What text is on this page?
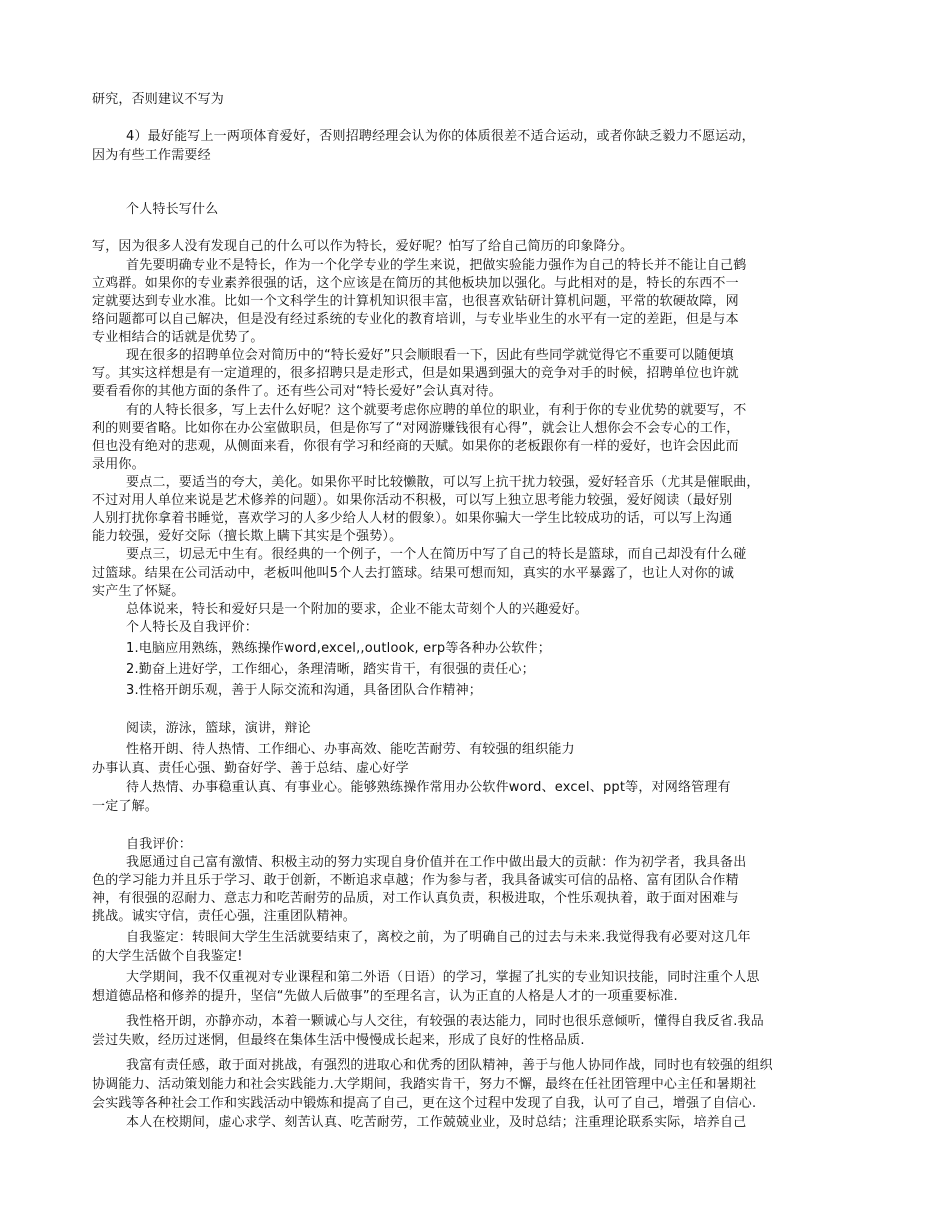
研究，否则建议不写为
4）最好能写上一两项体育爱好，否则招聘经理会认为你的体质很差不适合运动，或者你缺乏毅力不愿运动，
因为有些工作需要经
个人特长写什么
写，因为很多人没有发现自己的什么可以作为特长，爱好呢？怕写了给自己简历的印象降分。
首先要明确专业不是特长，作为一个化学专业的学生来说，把做实验能力强作为自己的特长并不能让自己鹤
立鸡群。如果你的专业素养很强的话，这个应该是在简历的其他板块加以强化。与此相对的是，特长的东西不一
定就要达到专业水准。比如一个文科学生的计算机知识很丰富，也很喜欢钻研计算机问题，平常的软硬故障，网
络问题都可以自己解决，但是没有经过系统的专业化的教育培训，与专业毕业生的水平有一定的差距，但是与本
专业相结合的话就是优势了。
现在很多的招聘单位会对简历中的“特长爱好”只会顺眼看一下，因此有些同学就觉得它不重要可以随便填
写。其实这样想是有一定道理的，很多招聘只是走形式，但是如果遇到强大的竞争对手的时候，招聘单位也许就
要看看你的其他方面的条件了。还有些公司对“特长爱好”会认真对待。
有的人特长很多，写上去什么好呢？这个就要考虑你应聘的单位的职业，有利于你的专业优势的就要写，不
利的则要省略。比如你在办公室做职员，但是你写了“对网游赚钱很有心得”，就会让人想你会不会专心的工作，
但也没有绝对的悲观，从侧面来看，你很有学习和经商的天赋。如果你的老板跟你有一样的爱好，也许会因此而
录用你。
要点二，要适当的夸大，美化。如果你平时比较懒散，可以写上抗干扰力较强，爱好轻音乐（尤其是催眠曲，
不过对用人单位来说是艺术修养的问题）。如果你活动不积极，可以写上独立思考能力较强，爱好阅读（最好别
人别打扰你拿着书睡觉，喜欢学习的人多少给人人材的假象）。如果你骗大一学生比较成功的话，可以写上沟通
能力较强，爱好交际（擅长欺上瞒下其实是个强势）。
要点三，切忌无中生有。很经典的一个例子，一个人在简历中写了自己的特长是篮球，而自己却没有什么碰
过篮球。结果在公司活动中，老板叫他叫5个人去打篮球。结果可想而知，真实的水平暴露了，也让人对你的诚
实产生了怀疑。
总体说来，特长和爱好只是一个附加的要求，企业不能太苛刻个人的兴趣爱好。
个人特长及自我评价：
1.电脑应用熟练，熟练操作word,excel,,outlook, erp等各种办公软件；
2.勤奋上进好学，工作细心，条理清晰，踏实肯干，有很强的责任心；
3.性格开朗乐观，善于人际交流和沟通，具备团队合作精神；
阅读，游泳，篮球，演讲，辩论
性格开朗、待人热情、工作细心、办事高效、能吃苦耐劳、有较强的组织能力
办事认真、责任心强、勤奋好学、善于总结、虚心好学
待人热情、办事稳重认真、有事业心。能够熟练操作常用办公软件word、excel、ppt等，对网络管理有
一定了解。
自我评价：
我愿通过自己富有激情、积极主动的努力实现自身价值并在工作中做出最大的贡献：作为初学者，我具备出
色的学习能力并且乐于学习、敢于创新，不断追求卓越；作为参与者，我具备诚实可信的品格、富有团队合作精
神，有很强的忍耐力、意志力和吃苦耐劳的品质，对工作认真负责，积极进取，个性乐观执着，敢于面对困难与
挑战。诚实守信，责任心强，注重团队精神。
自我鉴定：转眼间大学生生活就要结束了，离校之前，为了明确自己的过去与未来.我觉得我有必要对这几年
的大学生活做个自我鉴定!
大学期间，我不仅重视对专业课程和第二外语（日语）的学习，掌握了扎实的专业知识技能，同时注重个人思
想道德品格和修养的提升，坚信“先做人后做事”的至理名言，认为正直的人格是人才的一项重要标准.
我性格开朗，亦静亦动，本着一颗诚心与人交往，有较强的表达能力，同时也很乐意倾听，懂得自我反省.我品
尝过失败，经历过迷惘，但最终在集体生活中慢慢成长起来，形成了良好的性格品质.
我富有责任感，敢于面对挑战，有强烈的进取心和优秀的团队精神，善于与他人协同作战，同时也有较强的组织
协调能力、活动策划能力和社会实践能力.大学期间，我踏实肯干，努力不懈，最终在任社团管理中心主任和暑期社
会实践等各种社会工作和实践活动中锻炼和提高了自己，更在这个过程中发现了自我，认可了自己，增强了自信心.
本人在校期间，虚心求学、刻苦认真、吃苦耐劳，工作兢兢业业，及时总结；注重理论联系实际，培养自己
